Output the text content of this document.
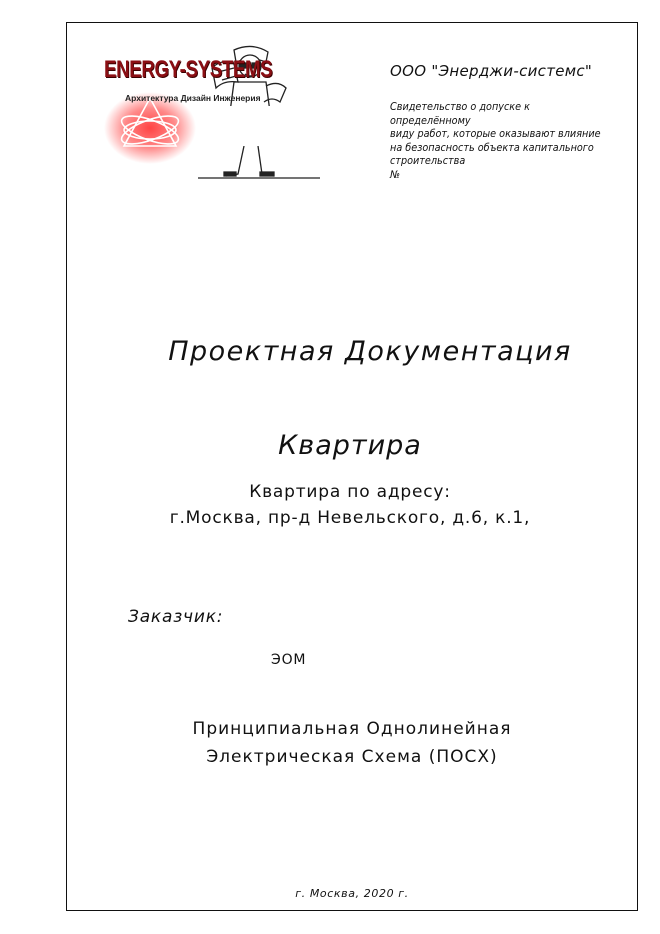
ENERGY-SYSTEMS
Архитектура Дизайн Инженерия
ООО "Энерджи-системс"
Свидетельство о допуске к определённому
виду работ, которые оказывают влияние
на безопасность объекта капитального
строительства
№
Проектная Документация
Квартира
Квартира по адресу:
г.Москва, пр-д Невельского, д.6, к.1,
Заказчик:
ЭОМ
Принципиальная Однолинейная
Электрическая Схема (ПОСХ)
г. Москва, 2020 г.
